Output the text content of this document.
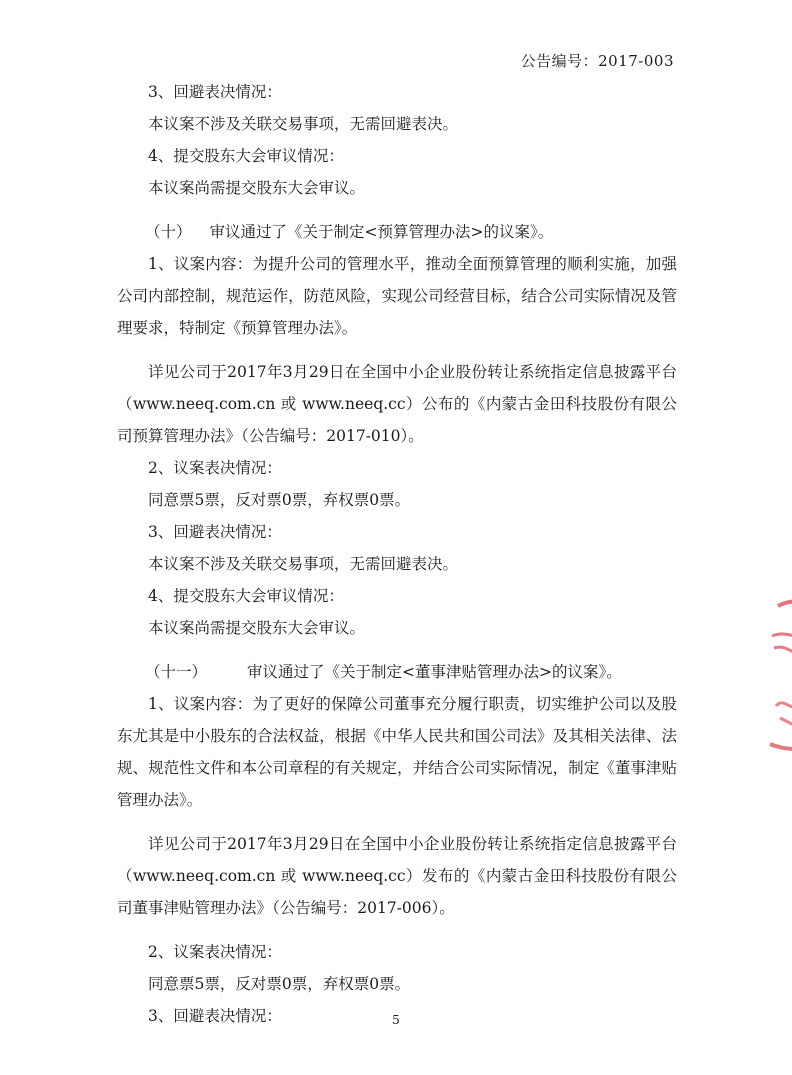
公告编号：2017-003

3、回避表决情况：

本议案不涉及关联交易事项，无需回避表决。

4、提交股东大会审议情况：

本议案尚需提交股东大会审议。

（十） 审议通过了《关于制定<预算管理办法>的议案》。

1、议案内容：为提升公司的管理水平，推动全面预算管理的顺利实施，加强公司内部控制，规范运作，防范风险，实现公司经营目标，结合公司实际情况及管理要求，特制定《预算管理办法》。

详见公司于2017年3月29日在全国中小企业股份转让系统指定信息披露平台（www.neeq.com.cn 或 www.neeq.cc）公布的《内蒙古金田科技股份有限公司预算管理办法》（公告编号：2017-010）。

2、议案表决情况：

同意票5票，反对票0票，弃权票0票。

3、回避表决情况：

本议案不涉及关联交易事项，无需回避表决。

4、提交股东大会审议情况：

本议案尚需提交股东大会审议。

（十一）	审议通过了《关于制定<董事津贴管理办法>的议案》。

1、议案内容：为了更好的保障公司董事充分履行职责，切实维护公司以及股东尤其是中小股东的合法权益，根据《中华人民共和国公司法》及其相关法律、法规、规范性文件和本公司章程的有关规定，并结合公司实际情况，制定《董事津贴管理办法》。

详见公司于2017年3月29日在全国中小企业股份转让系统指定信息披露平台（www.neeq.com.cn 或 www.neeq.cc）发布的《内蒙古金田科技股份有限公司董事津贴管理办法》（公告编号：2017-006）。

2、议案表决情况：

同意票5票，反对票0票，弃权票0票。

3、回避表决情况：	5
